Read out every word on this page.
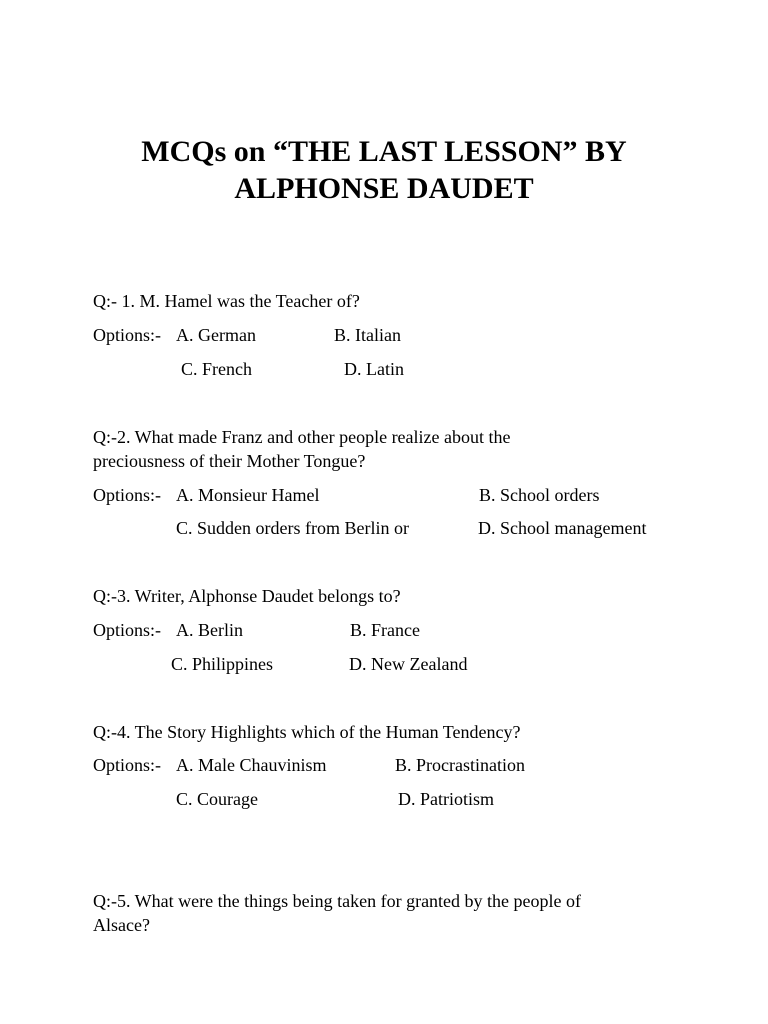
MCQs on “THE LAST LESSON” BY
ALPHONSE DAUDET
Q:- 1. M. Hamel was the Teacher of?
Options:- A. German	B. Italian
C. French	D. Latin
Q:-2. What made Franz and other people realize about the
preciousness of their Mother Tongue?
Options:- A. Monsieur Hamel	B. School orders
C. Sudden orders from Berlin or	D. School management
Q:-3. Writer, Alphonse Daudet belongs to?
Options:- A. Berlin	B. France
C. Philippines	D. New Zealand
Q:-4. The Story Highlights which of the Human Tendency?
Options:- A. Male Chauvinism	B. Procrastination
C. Courage	D. Patriotism
Q:-5. What were the things being taken for granted by the people of
Alsace?
